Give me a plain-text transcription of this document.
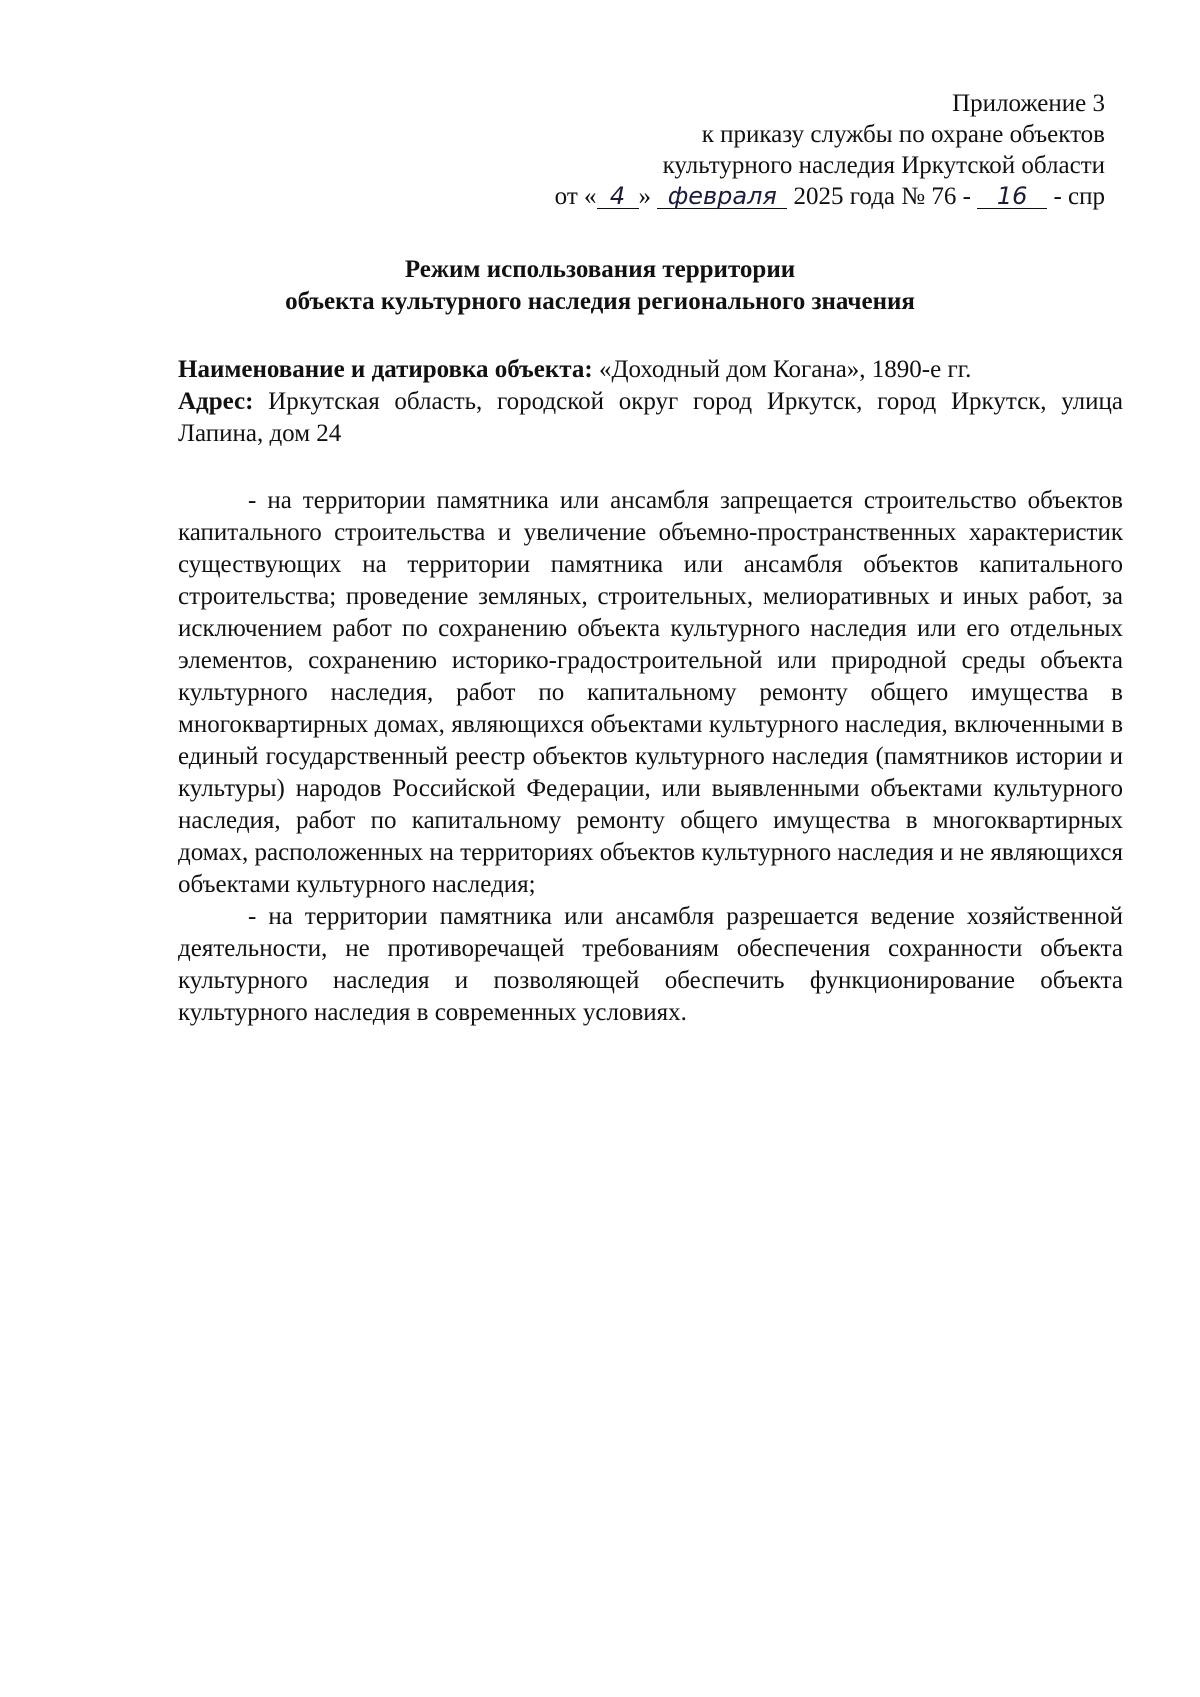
Приложение 3
к приказу службы по охране объектов
культурного наследия Иркутской области
от « 4 » февраля 2025 года № 76 - 16 - спр
Режим использования территории
объекта культурного наследия регионального значения
Наименование и датировка объекта: «Доходный дом Когана», 1890-е гг.
Адрес: Иркутская область, городской округ город Иркутск, город Иркутск, улица Лапина, дом 24

- на территории памятника или ансамбля запрещается строительство объектов капитального строительства и увеличение объемно-пространственных характеристик существующих на территории памятника или ансамбля объектов капитального строительства; проведение земляных, строительных, мелиоративных и иных работ, за исключением работ по сохранению объекта культурного наследия или его отдельных элементов, сохранению историко-градостроительной или природной среды объекта культурного наследия, работ по капитальному ремонту общего имущества в многоквартирных домах, являющихся объектами культурного наследия, включенными в единый государственный реестр объектов культурного наследия (памятников истории и культуры) народов Российской Федерации, или выявленными объектами культурного наследия, работ по капитальному ремонту общего имущества в многоквартирных домах, расположенных на территориях объектов культурного наследия и не являющихся объектами культурного наследия;

- на территории памятника или ансамбля разрешается ведение хозяйственной деятельности, не противоречащей требованиям обеспечения сохранности объекта культурного наследия и позволяющей обеспечить функционирование объекта культурного наследия в современных условиях.
